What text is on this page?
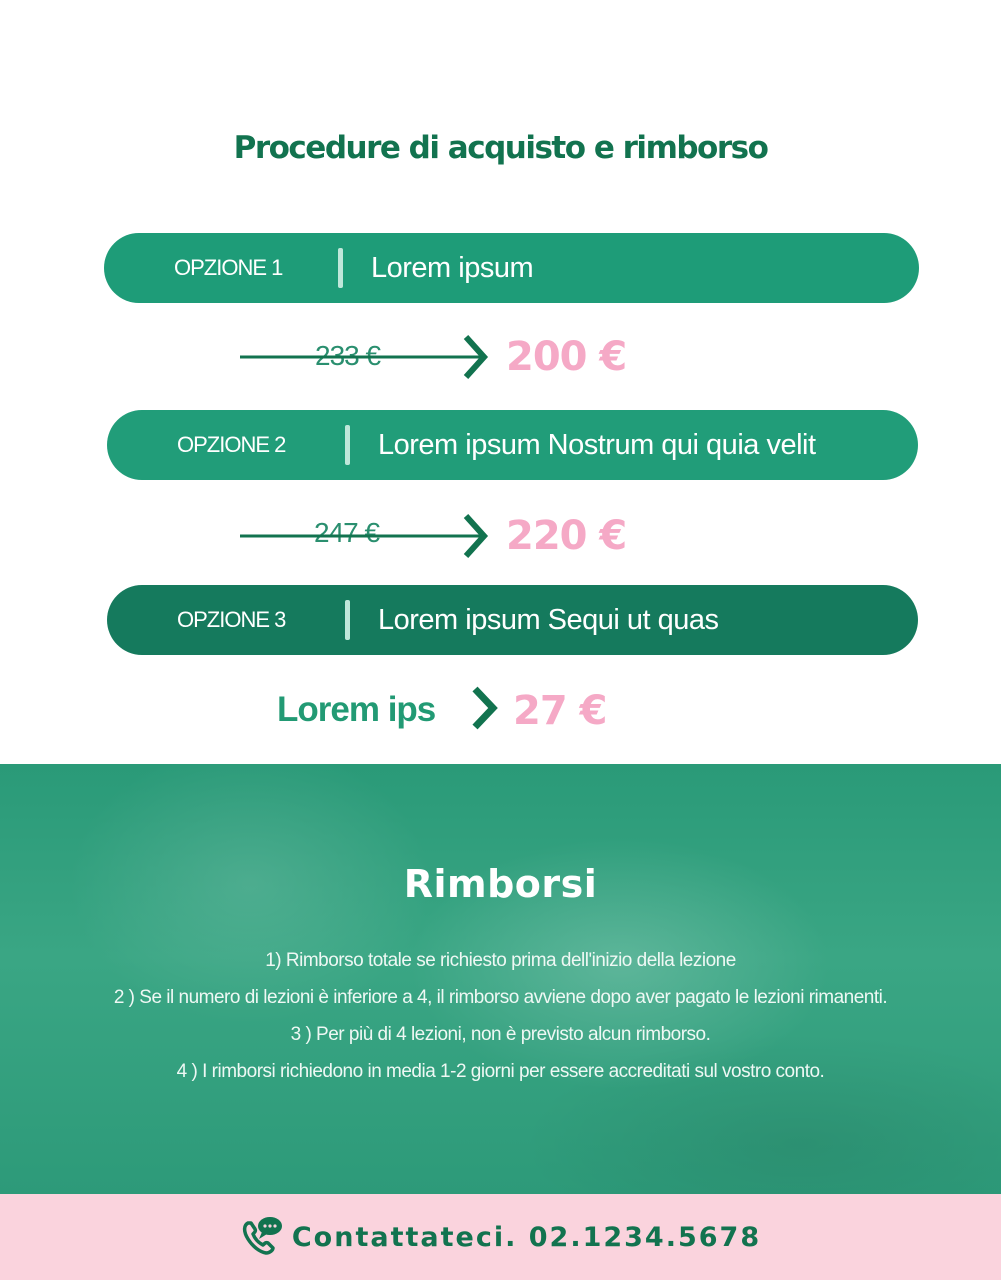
Procedure di acquisto e rimborso
OPZIONE 1	Lorem ipsum
233 €	200 €
OPZIONE 2	Lorem ipsum Nostrum qui quia velit
247 €	220 €
OPZIONE 3	Lorem ipsum Sequi ut quas
Lorem ips 27 €
Rimborsi
1) Rimborso totale se richiesto prima dell'inizio della lezione
2 ) Se il numero di lezioni è inferiore a 4, il rimborso avviene dopo aver pagato le lezioni rimanenti.
3 ) Per più di 4 lezioni, non è previsto alcun rimborso.
4 ) I rimborsi richiedono in media 1-2 giorni per essere accreditati sul vostro conto.
Contattateci. 02.1234.5678
